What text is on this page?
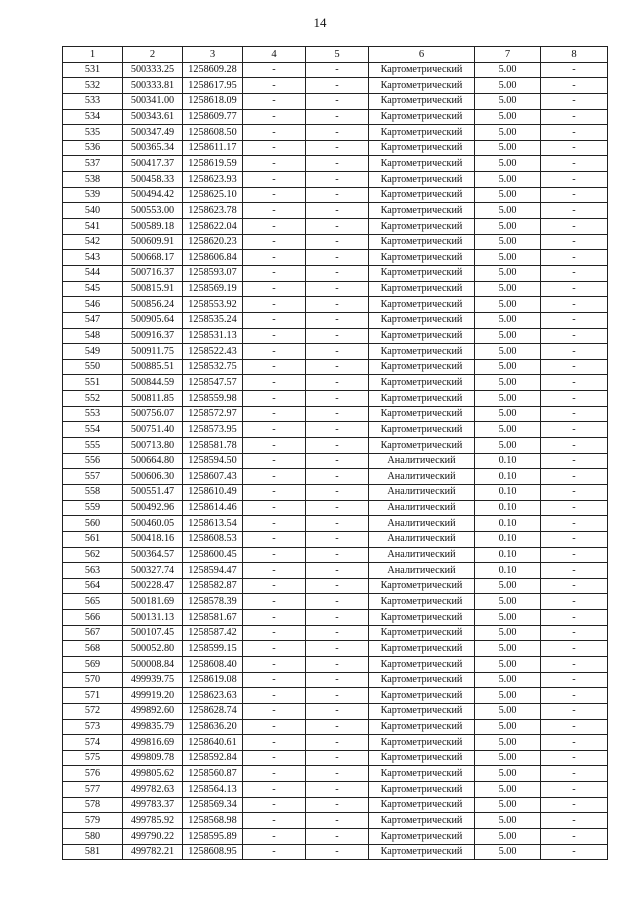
14
1	2	3	4	5	6	7	8
531	500333.25	1258609.28	-	-	Картометрический	5.00	-
532	500333.81	1258617.95	-	-	Картометрический	5.00	-
533	500341.00	1258618.09	-	-	Картометрический	5.00	-
534	500343.61	1258609.77	-	-	Картометрический	5.00	-
535	500347.49	1258608.50	-	-	Картометрический	5.00	-
536	500365.34	1258611.17	-	-	Картометрический	5.00	-
537	500417.37	1258619.59	-	-	Картометрический	5.00	-
538	500458.33	1258623.93	-	-	Картометрический	5.00	-
539	500494.42	1258625.10	-	-	Картометрический	5.00	-
540	500553.00	1258623.78	-	-	Картометрический	5.00	-
541	500589.18	1258622.04	-	-	Картометрический	5.00	-
542	500609.91	1258620.23	-	-	Картометрический	5.00	-
543	500668.17	1258606.84	-	-	Картометрический	5.00	-
544	500716.37	1258593.07	-	-	Картометрический	5.00	-
545	500815.91	1258569.19	-	-	Картометрический	5.00	-
546	500856.24	1258553.92	-	-	Картометрический	5.00	-
547	500905.64	1258535.24	-	-	Картометрический	5.00	-
548	500916.37	1258531.13	-	-	Картометрический	5.00	-
549	500911.75	1258522.43	-	-	Картометрический	5.00	-
550	500885.51	1258532.75	-	-	Картометрический	5.00	-
551	500844.59	1258547.57	-	-	Картометрический	5.00	-
552	500811.85	1258559.98	-	-	Картометрический	5.00	-
553	500756.07	1258572.97	-	-	Картометрический	5.00	-
554	500751.40	1258573.95	-	-	Картометрический	5.00	-
555	500713.80	1258581.78	-	-	Картометрический	5.00	-
556	500664.80	1258594.50	-	-	Аналитический	0.10	-
557	500606.30	1258607.43	-	-	Аналитический	0.10	-
558	500551.47	1258610.49	-	-	Аналитический	0.10	-
559	500492.96	1258614.46	-	-	Аналитический	0.10	-
560	500460.05	1258613.54	-	-	Аналитический	0.10	-
561	500418.16	1258608.53	-	-	Аналитический	0.10	-
562	500364.57	1258600.45	-	-	Аналитический	0.10	-
563	500327.74	1258594.47	-	-	Аналитический	0.10	-
564	500228.47	1258582.87	-	-	Картометрический	5.00	-
565	500181.69	1258578.39	-	-	Картометрический	5.00	-
566	500131.13	1258581.67	-	-	Картометрический	5.00	-
567	500107.45	1258587.42	-	-	Картометрический	5.00	-
568	500052.80	1258599.15	-	-	Картометрический	5.00	-
569	500008.84	1258608.40	-	-	Картометрический	5.00	-
570	499939.75	1258619.08	-	-	Картометрический	5.00	-
571	499919.20	1258623.63	-	-	Картометрический	5.00	-
572	499892.60	1258628.74	-	-	Картометрический	5.00	-
573	499835.79	1258636.20	-	-	Картометрический	5.00	-
574	499816.69	1258640.61	-	-	Картометрический	5.00	-
575	499809.78	1258592.84	-	-	Картометрический	5.00	-
576	499805.62	1258560.87	-	-	Картометрический	5.00	-
577	499782.63	1258564.13	-	-	Картометрический	5.00	-
578	499783.37	1258569.34	-	-	Картометрический	5.00	-
579	499785.92	1258568.98	-	-	Картометрический	5.00	-
580	499790.22	1258595.89	-	-	Картометрический	5.00	-
581	499782.21	1258608.95	-	-	Картометрический	5.00	-
